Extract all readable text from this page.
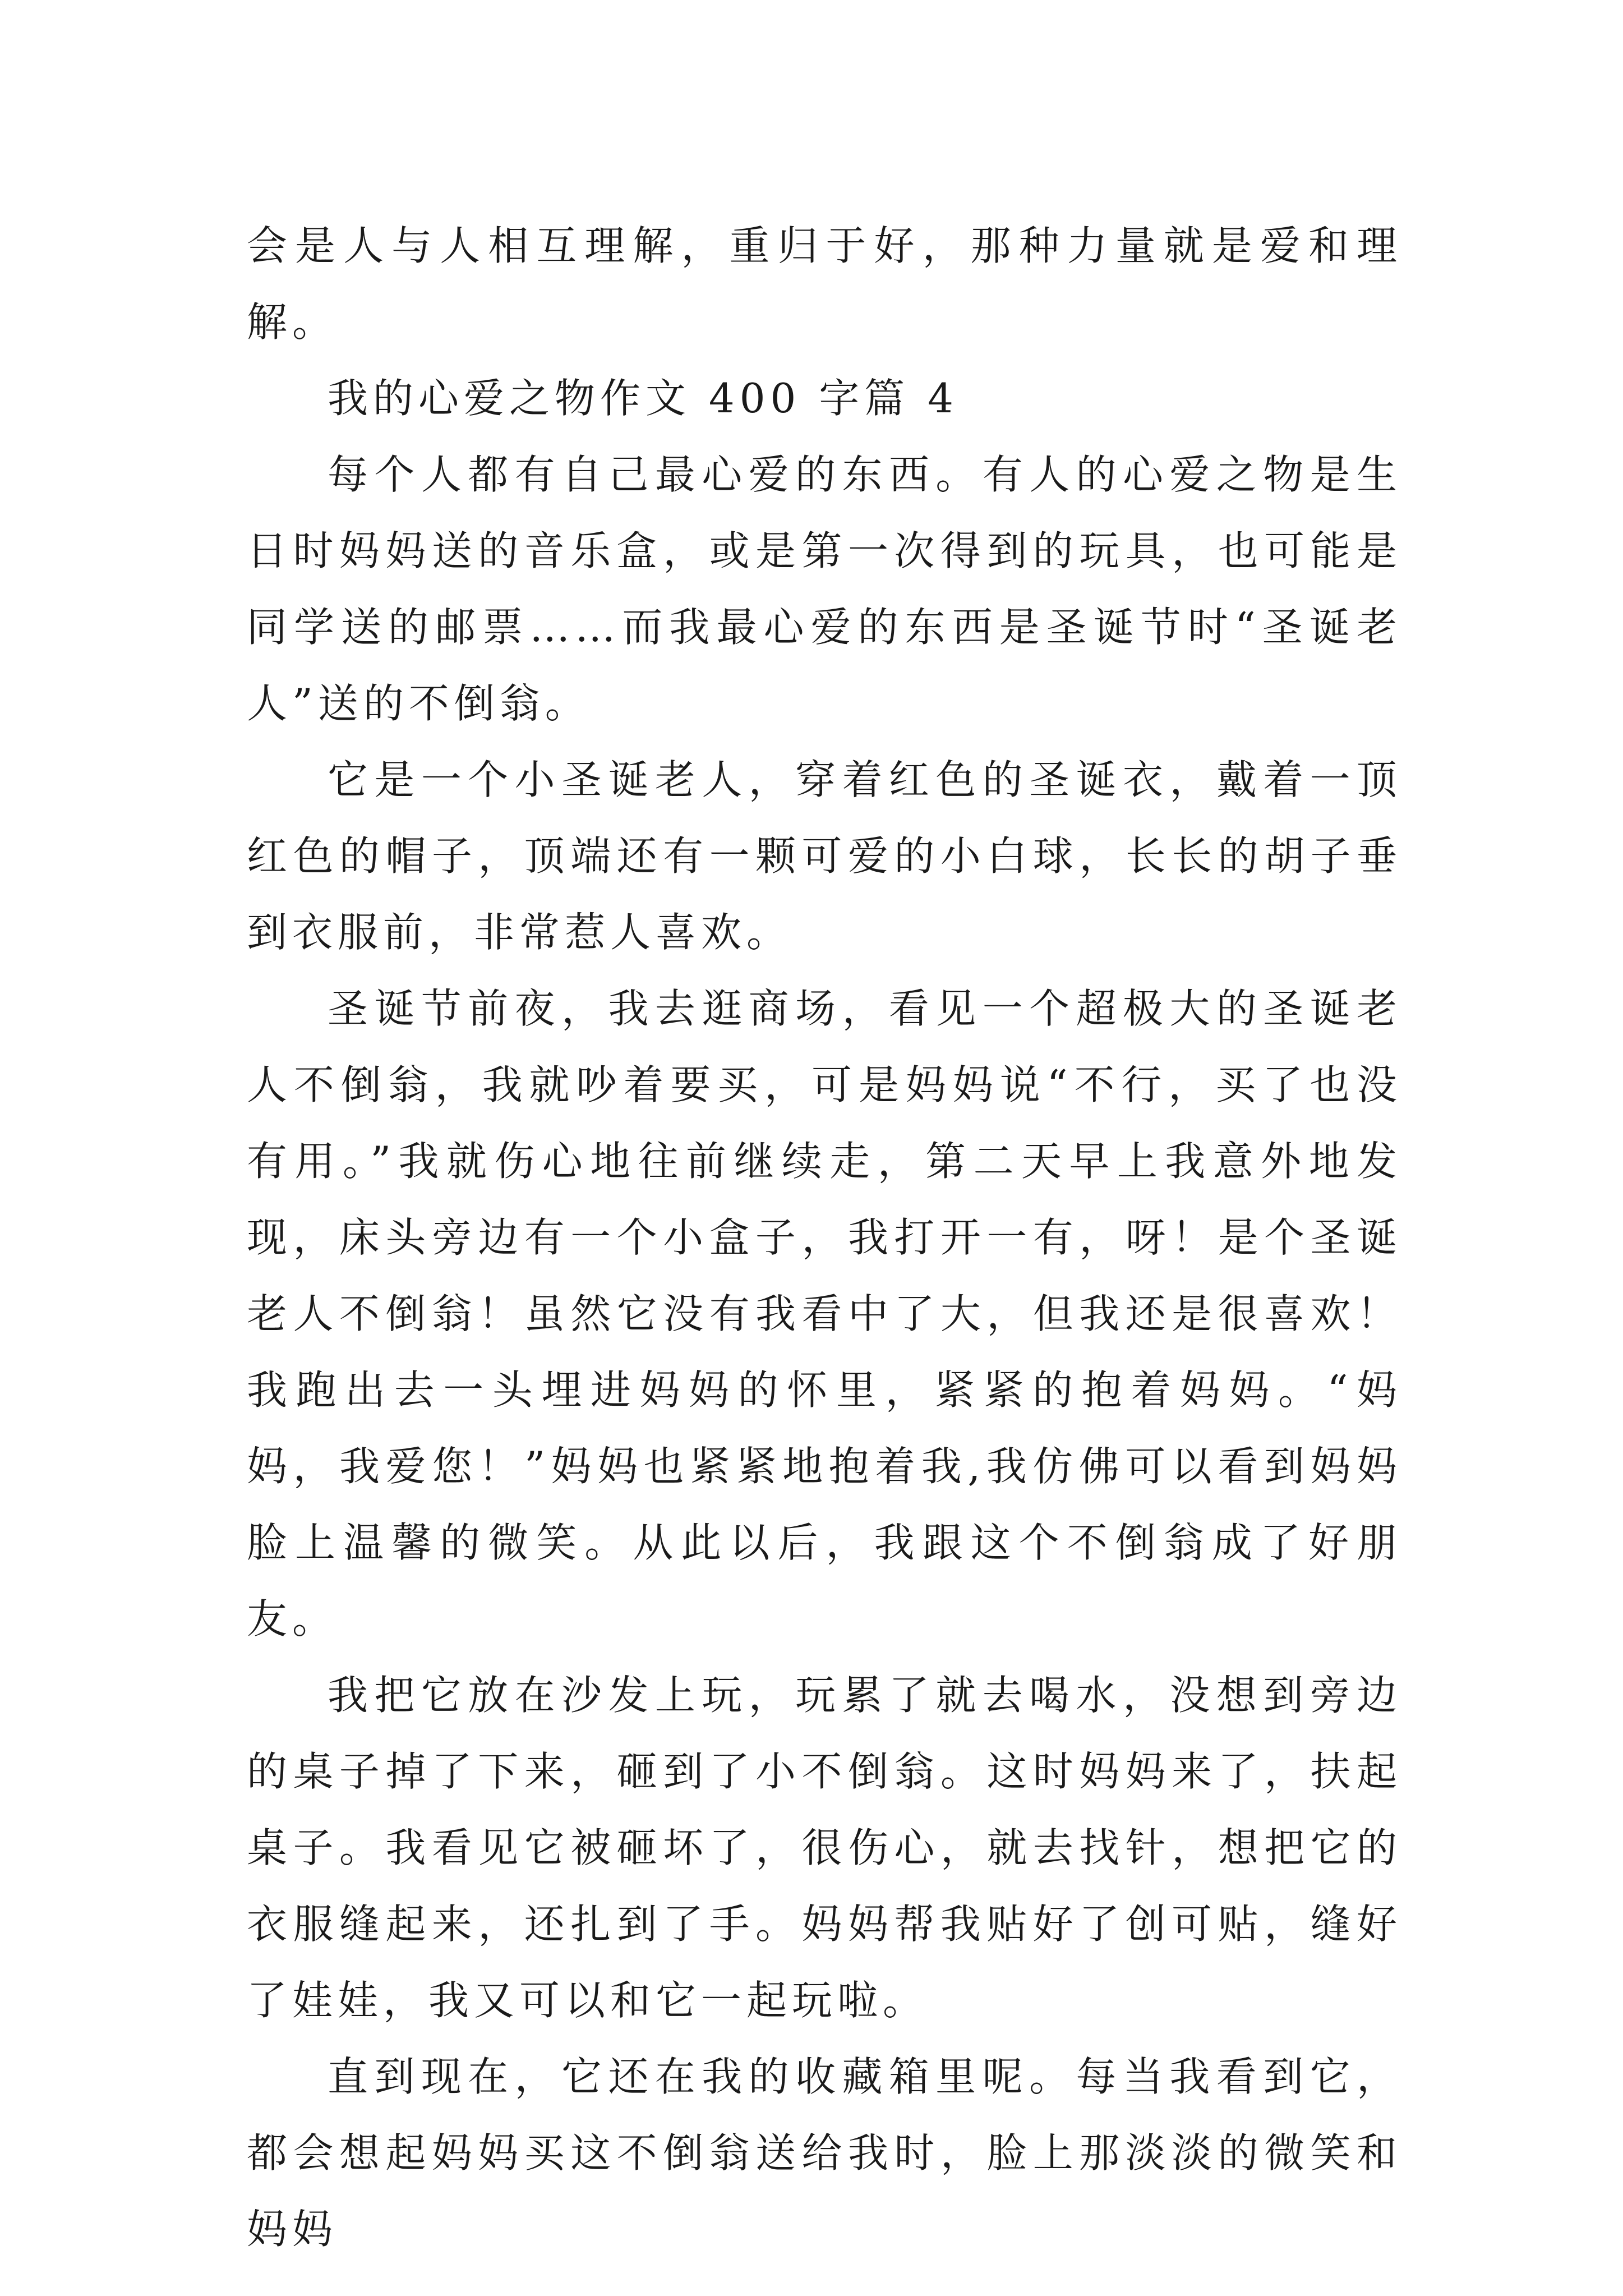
会是人与人相互理解，重归于好，那种力量就是爱和理解。

我的心爱之物作文 400 字篇 4

每个人都有自己最心爱的东西。有人的心爱之物是生日时妈妈送的音乐盒，或是第一次得到的玩具，也可能是同学送的邮票……而我最心爱的东西是圣诞节时“圣诞老人”送的不倒翁。

它是一个小圣诞老人，穿着红色的圣诞衣，戴着一顶红色的帽子，顶端还有一颗可爱的小白球，长长的胡子垂到衣服前，非常惹人喜欢。

圣诞节前夜，我去逛商场，看见一个超极大的圣诞老人不倒翁，我就吵着要买，可是妈妈说“不行，买了也没有用。”我就伤心地往前继续走，第二天早上我意外地发现，床头旁边有一个小盒子，我打开一有，呀！是个圣诞老人不倒翁！虽然它没有我看中了大，但我还是很喜欢！我跑出去一头埋进妈妈的怀里，紧紧的抱着妈妈。“妈妈，我爱您！”妈妈也紧紧地抱着我,我仿佛可以看到妈妈脸上温馨的微笑。从此以后，我跟这个不倒翁成了好朋友。

我把它放在沙发上玩，玩累了就去喝水，没想到旁边的桌子掉了下来，砸到了小不倒翁。这时妈妈来了，扶起桌子。我看见它被砸坏了，很伤心，就去找针，想把它的衣服缝起来，还扎到了手。妈妈帮我贴好了创可贴，缝好了娃娃，我又可以和它一起玩啦。

直到现在，它还在我的收藏箱里呢。每当我看到它，都会想起妈妈买这不倒翁送给我时，脸上那淡淡的微笑和妈妈
